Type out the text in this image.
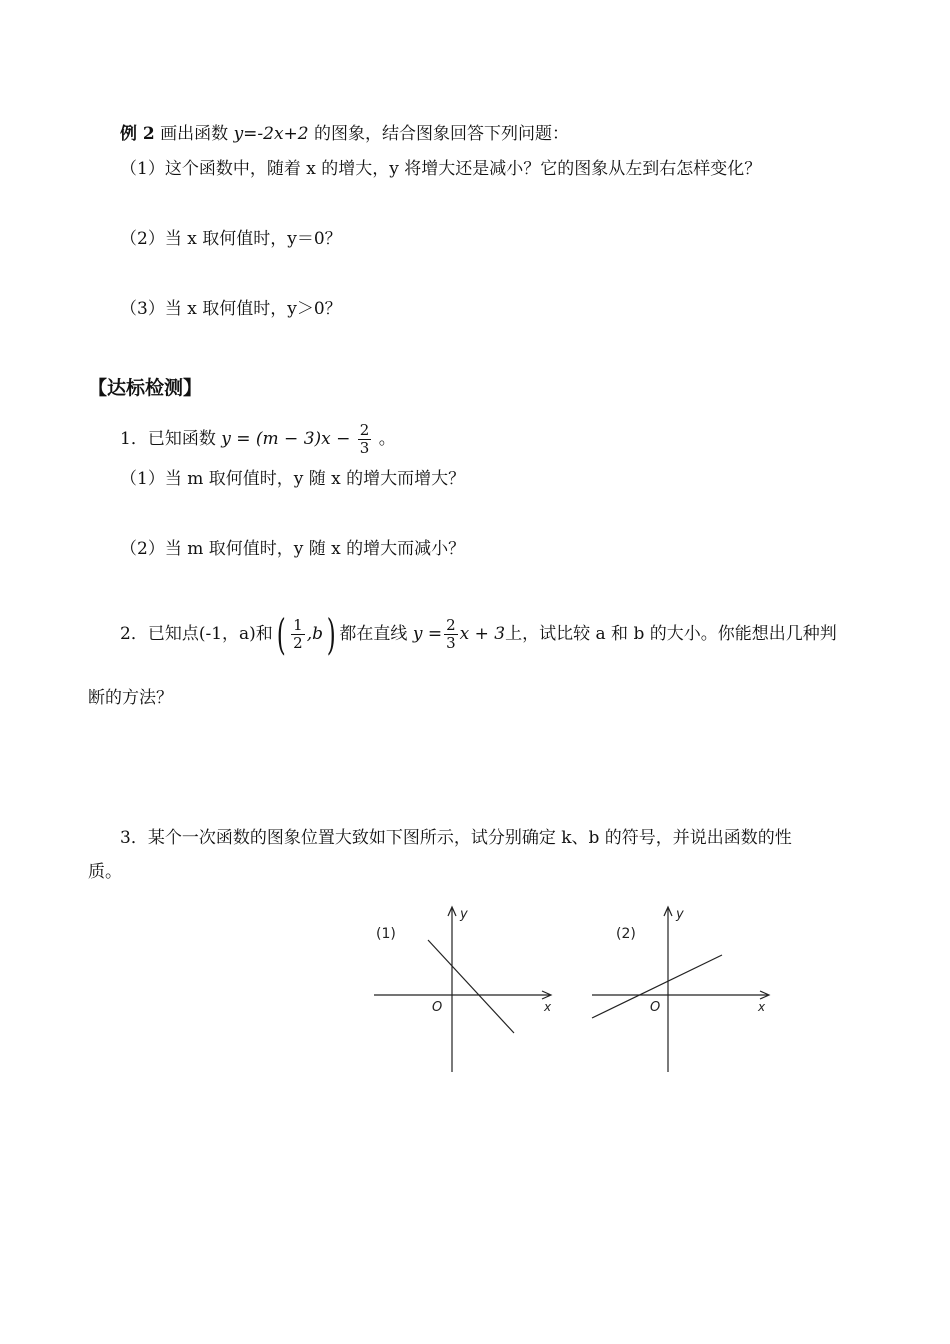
例 2 画出函数 y=-2x+2 的图象，结合图象回答下列问题：
（1）这个函数中，随着 x 的增大，y 将增大还是减小？它的图象从左到右怎样变化？
（2）当 x 取何值时，y＝0？
（3）当 x 取何值时，y＞0？
【达标检测】
1．已知函数 $y = (m - 3)x - \frac{2}{3}$ 。
（1）当 m 取何值时，y 随 x 的增大而增大？
（2）当 m 取何值时，y 随 x 的增大而减小？
2．已知点(-1，a)和( $\frac{1}{2} ,b$) 都在直线 $y = \frac{2}{3}$ x + 3上，试比较 a 和 b 的大小。你能想出几种判
断的方法？
3．某个一次函数的图象位置大致如下图所示，试分别确定 k、b 的符号，并说出函数的性
质。
(1)
O	x
y
(2)
O	x
y
